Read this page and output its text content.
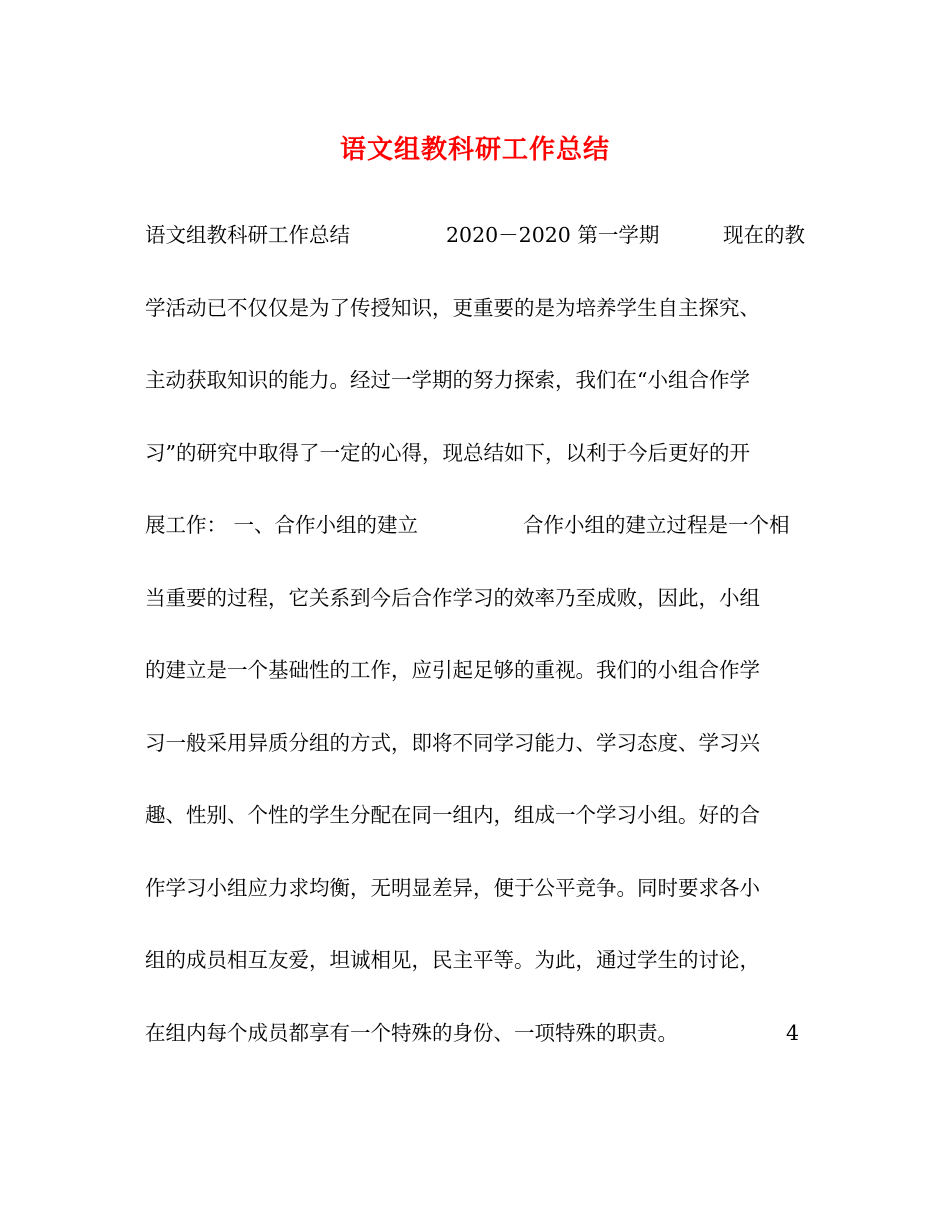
语文组教科研工作总结
语文组教科研工作总结	2020－2020 第一学期	现在的教
学活动已不仅仅是为了传授知识，更重要的是为培养学生自主探究、
主动获取知识的能力。经过一学期的努力探索，我们在“小组合作学
习”的研究中取得了一定的心得，现总结如下，以利于今后更好的开
展工作： 一、合作小组的建立	合作小组的建立过程是一个相
当重要的过程，它关系到今后合作学习的效率乃至成败，因此，小组
的建立是一个基础性的工作，应引起足够的重视。我们的小组合作学
习一般采用异质分组的方式，即将不同学习能力、学习态度、学习兴
趣、性别、个性的学生分配在同一组内，组成一个学习小组。好的合
作学习小组应力求均衡，无明显差异，便于公平竞争。同时要求各小
组的成员相互友爱，坦诚相见，民主平等。为此，通过学生的讨论，
在组内每个成员都享有一个特殊的身份、一项特殊的职责。	4
